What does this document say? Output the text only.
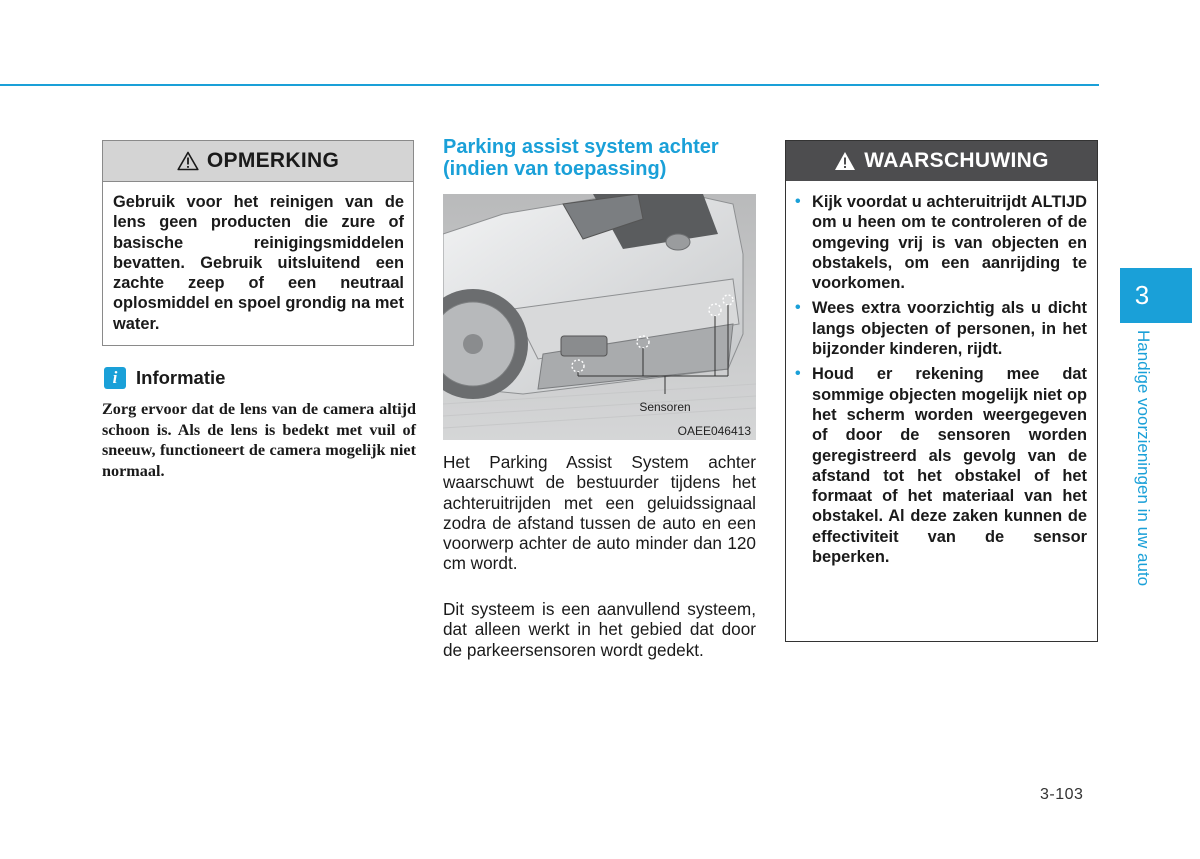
OPMERKING
Gebruik voor het reinigen van de lens geen producten die zure of basische reinigingsmiddelen bevatten. Gebruik uitsluitend een zachte zeep of een neutraal oplosmiddel en spoel grondig na met water.
i	Informatie
Zorg ervoor dat de lens van de camera altijd schoon is. Als de lens is bedekt met vuil of sneeuw, functioneert de camera mogelijk niet normaal.
Parking assist system achter (indien van toepassing)
Sensoren
OAEE046413
Het Parking Assist System achter waarschuwt de bestuurder tijdens het achteruitrijden met een geluidssignaal zodra de afstand tussen de auto en een voorwerp achter de auto minder dan 120 cm wordt.
Dit systeem is een aanvullend systeem, dat alleen werkt in het gebied dat door de parkeersensoren wordt gedekt.
WAARSCHUWING
• Kijk voordat u achteruitrijdt ALTIJD om u heen om te controleren of de omgeving vrij is van objecten en obstakels, om een aanrijding te voorkomen.
• Wees extra voorzichtig als u dicht langs objecten of personen, in het bijzonder kinderen, rijdt.
• Houd er rekening mee dat sommige objecten mogelijk niet op het scherm worden weergegeven of door de sensoren worden geregistreerd als gevolg van de afstand tot het obstakel of het formaat of het materiaal van het obstakel. Al deze zaken kunnen de effectiviteit van de sensor beperken.
3
Handige voorzieningen in uw auto
3-103
